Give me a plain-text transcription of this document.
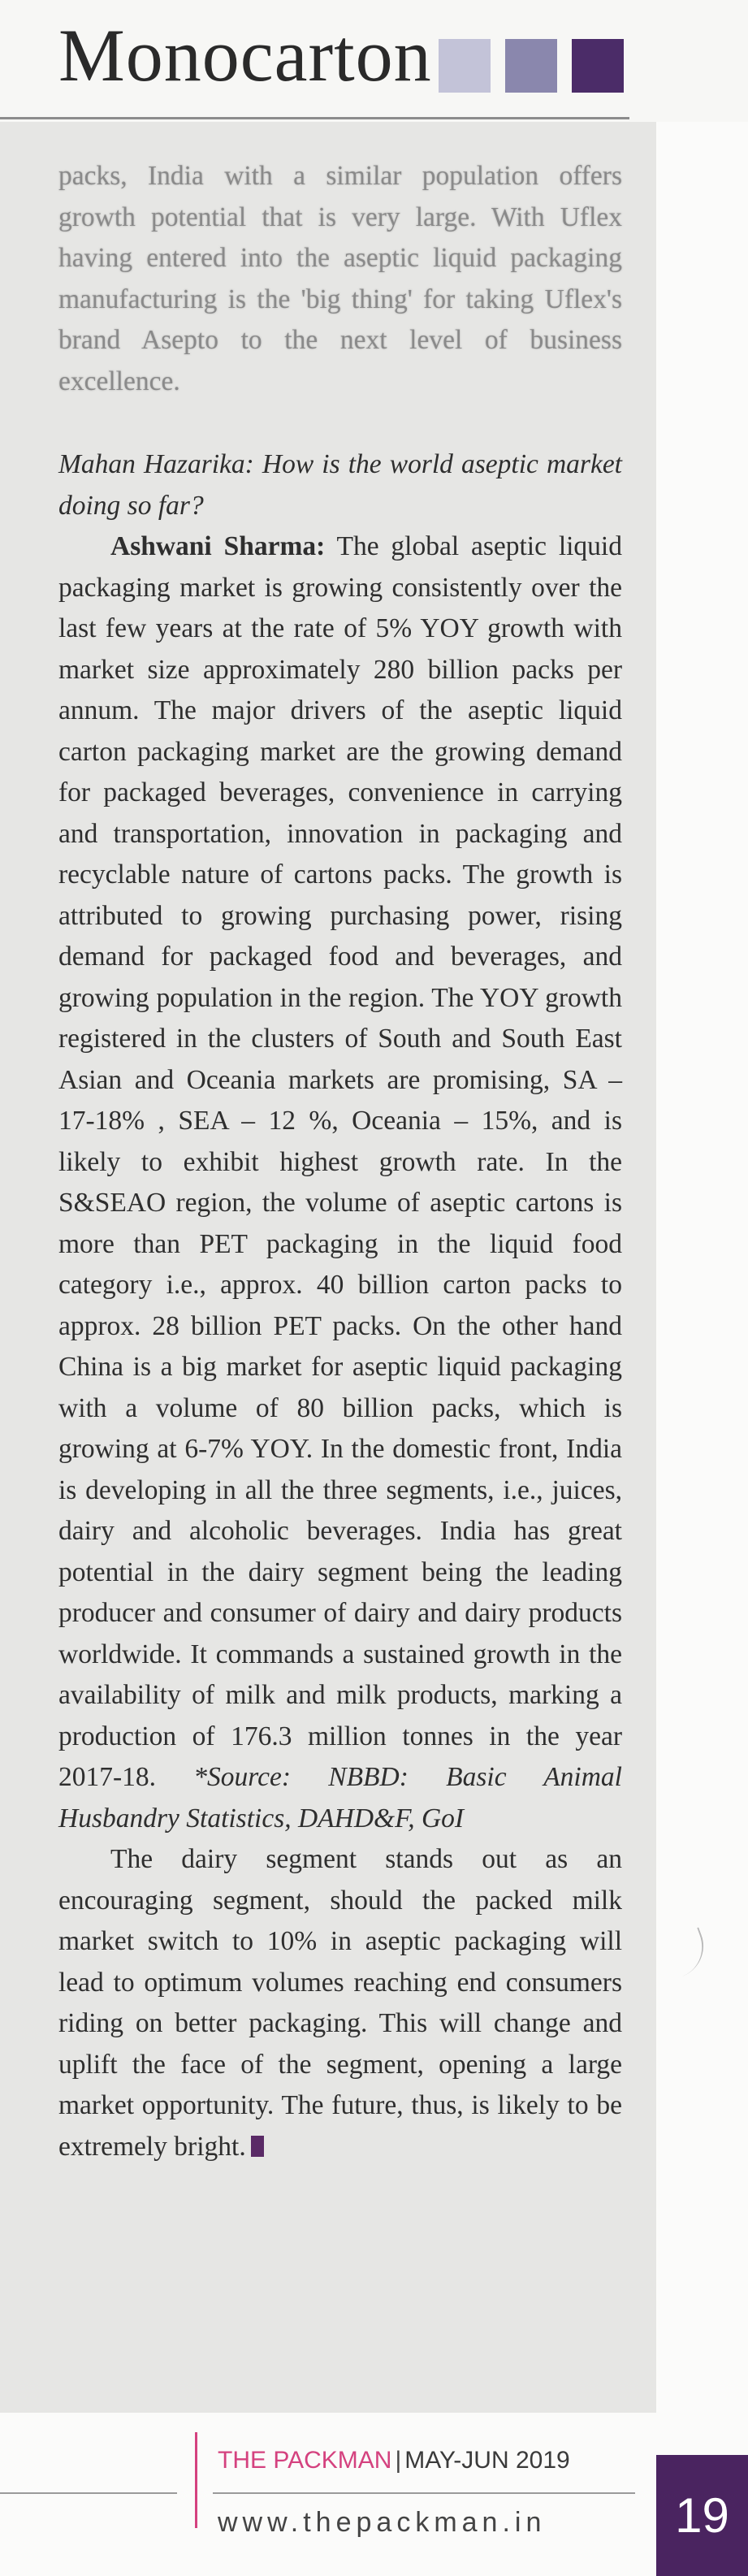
Monocarton

packs, India with a similar population offers growth potential that is very large. With Uflex having entered into the aseptic liquid packaging manufacturing is the 'big thing' for taking Uflex's brand Asepto to the next level of business excellence.

Mahan Hazarika: How is the world aseptic market doing so far?

Ashwani Sharma: The global aseptic liquid packaging market is growing consistently over the last few years at the rate of 5% YOY growth with market size approximately 280 billion packs per annum. The major drivers of the aseptic liquid carton packaging market are the growing demand for packaged beverages, convenience in carrying and transportation, innovation in packaging and recyclable nature of cartons packs. The growth is attributed to growing purchasing power, rising demand for packaged food and beverages, and growing population in the region. The YOY growth registered in the clusters of South and South East Asian and Oceania markets are promising, SA – 17-18% , SEA – 12 %, Oceania – 15%, and is likely to exhibit highest growth rate. In the S&SEAO region, the volume of aseptic cartons is more than PET packaging in the liquid food category i.e., approx. 40 billion carton packs to approx. 28 billion PET packs. On the other hand China is a big market for aseptic liquid packaging with a volume of 80 billion packs, which is growing at 6-7% YOY. In the domestic front, India is developing in all the three segments, i.e., juices, dairy and alcoholic beverages. India has great potential in the dairy segment being the leading producer and consumer of dairy and dairy products worldwide. It commands a sustained growth in the availability of milk and milk products, marking a production of 176.3 million tonnes in the year 2017-18. *Source: NBBD: Basic Animal Husbandry Statistics, DAHD&F, GoI

The dairy segment stands out as an encouraging segment, should the packed milk market switch to 10% in aseptic packaging will lead to optimum volumes reaching end consumers riding on better packaging. This will change and uplift the face of the segment, opening a large market opportunity. The future, thus, is likely to be extremely bright.

THE PACKMAN | MAY-JUN 2019
www.thepackman.in	19
